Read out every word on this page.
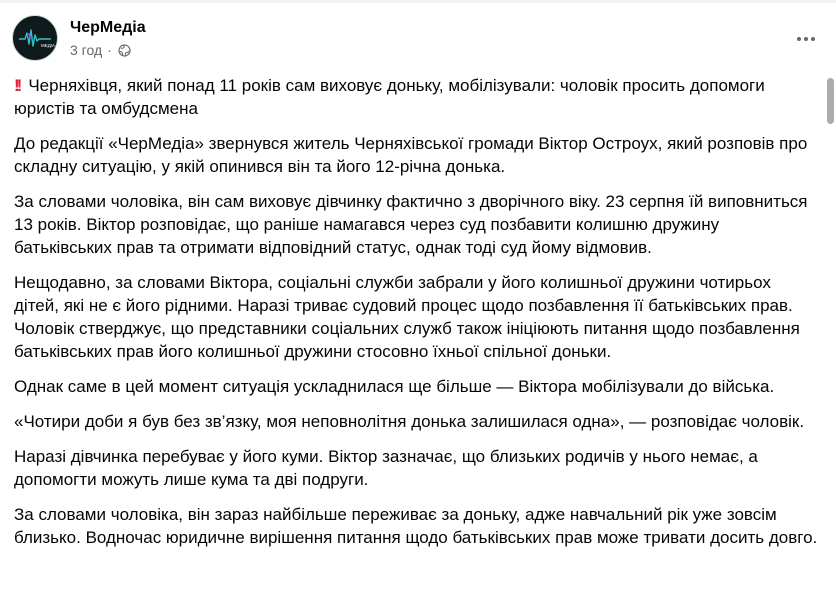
МЕДІА
ЧерМедіа
3 год ·

!! Черняхівця, який понад 11 років сам виховує доньку, мобілізували: чоловік просить допомоги юристів та омбудсмена

До редакції «ЧерМедіа» звернувся житель Черняхівської громади Віктор Остроух, який розповів про складну ситуацію, у якій опинився він та його 12-річна донька.

За словами чоловіка, він сам виховує дівчинку фактично з дворічного віку. 23 серпня їй виповниться 13 років. Віктор розповідає, що раніше намагався через суд позбавити колишню дружину батьківських прав та отримати відповідний статус, однак тоді суд йому відмовив.

Нещодавно, за словами Віктора, соціальні служби забрали у його колишньої дружини чотирьох дітей, які не є його рідними. Наразі триває судовий процес щодо позбавлення її батьківських прав. Чоловік стверджує, що представники соціальних служб також ініціюють питання щодо позбавлення батьківських прав його колишньої дружини стосовно їхньої спільної доньки.

Однак саме в цей момент ситуація ускладнилася ще більше — Віктора мобілізували до війська.

«Чотири доби я був без зв’язку, моя неповнолітня донька залишилася одна», — розповідає чоловік.

Наразі дівчинка перебуває у його куми. Віктор зазначає, що близьких родичів у нього немає, а допомогти можуть лише кума та дві подруги.

За словами чоловіка, він зараз найбільше переживає за доньку, адже навчальний рік уже зовсім близько. Водночас юридичне вирішення питання щодо батьківських прав може тривати досить довго.
